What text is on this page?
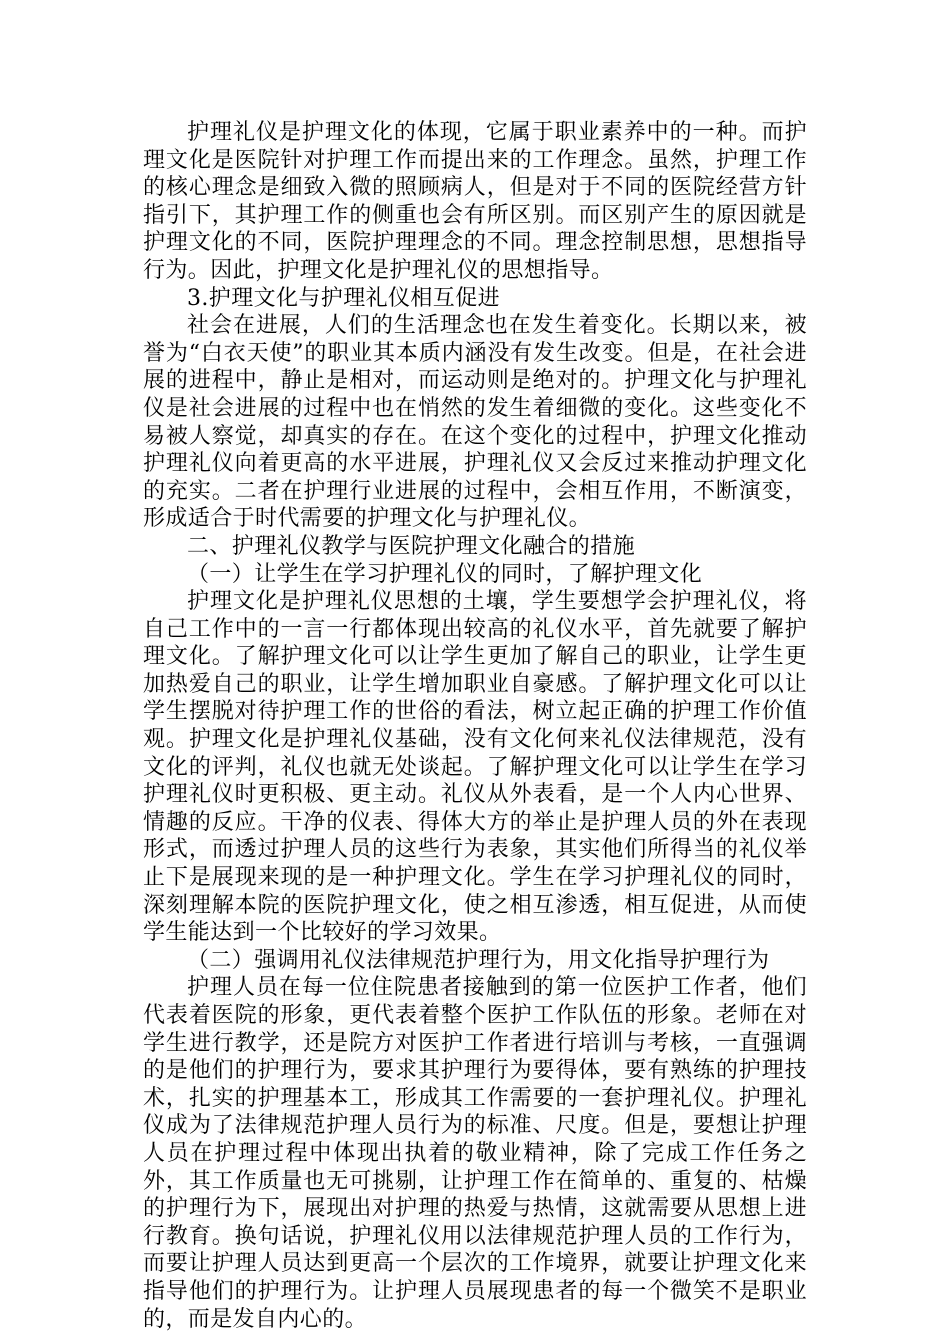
护理礼仪是护理文化的体现，它属于职业素养中的一种。而护理文化是医院针对护理工作而提出来的工作理念。虽然，护理工作的核心理念是细致入微的照顾病人，但是对于不同的医院经营方针指引下，其护理工作的侧重也会有所区别。而区别产生的原因就是护理文化的不同，医院护理理念的不同。理念控制思想，思想指导行为。因此，护理文化是护理礼仪的思想指导。

3.护理文化与护理礼仪相互促进

社会在进展，人们的生活理念也在发生着变化。长期以来，被誉为“白衣天使”的职业其本质内涵没有发生改变。但是，在社会进展的进程中，静止是相对，而运动则是绝对的。护理文化与护理礼仪是社会进展的过程中也在悄然的发生着细微的变化。这些变化不易被人察觉，却真实的存在。在这个变化的过程中，护理文化推动护理礼仪向着更高的水平进展，护理礼仪又会反过来推动护理文化的充实。二者在护理行业进展的过程中，会相互作用，不断演变，形成适合于时代需要的护理文化与护理礼仪。

二、护理礼仪教学与医院护理文化融合的措施

（一）让学生在学习护理礼仪的同时，了解护理文化

护理文化是护理礼仪思想的土壤，学生要想学会护理礼仪，将自己工作中的一言一行都体现出较高的礼仪水平，首先就要了解护理文化。了解护理文化可以让学生更加了解自己的职业，让学生更加热爱自己的职业，让学生增加职业自豪感。了解护理文化可以让学生摆脱对待护理工作的世俗的看法，树立起正确的护理工作价值观。护理文化是护理礼仪基础，没有文化何来礼仪法律规范，没有文化的评判，礼仪也就无处谈起。了解护理文化可以让学生在学习护理礼仪时更积极、更主动。礼仪从外表看，是一个人内心世界、情趣的反应。干净的仪表、得体大方的举止是护理人员的外在表现形式，而透过护理人员的这些行为表象，其实他们所得当的礼仪举止下是展现来现的是一种护理文化。学生在学习护理礼仪的同时，深刻理解本院的医院护理文化，使之相互渗透，相互促进，从而使学生能达到一个比较好的学习效果。

（二）强调用礼仪法律规范护理行为，用文化指导护理行为

护理人员在每一位住院患者接触到的第一位医护工作者，他们代表着医院的形象，更代表着整个医护工作队伍的形象。老师在对学生进行教学，还是院方对医护工作者进行培训与考核，一直强调的是他们的护理行为，要求其护理行为要得体，要有熟练的护理技术，扎实的护理基本工，形成其工作需要的一套护理礼仪。护理礼仪成为了法律规范护理人员行为的标准、尺度。但是，要想让护理人员在护理过程中体现出执着的敬业精神，除了完成工作任务之外，其工作质量也无可挑剔，让护理工作在简单的、重复的、枯燥的护理行为下，展现出对护理的热爱与热情，这就需要从思想上进行教育。换句话说，护理礼仪用以法律规范护理人员的工作行为，而要让护理人员达到更高一个层次的工作境界，就要让护理文化来指导他们的护理行为。让护理人员展现患者的每一个微笑不是职业的，而是发自内心的。
